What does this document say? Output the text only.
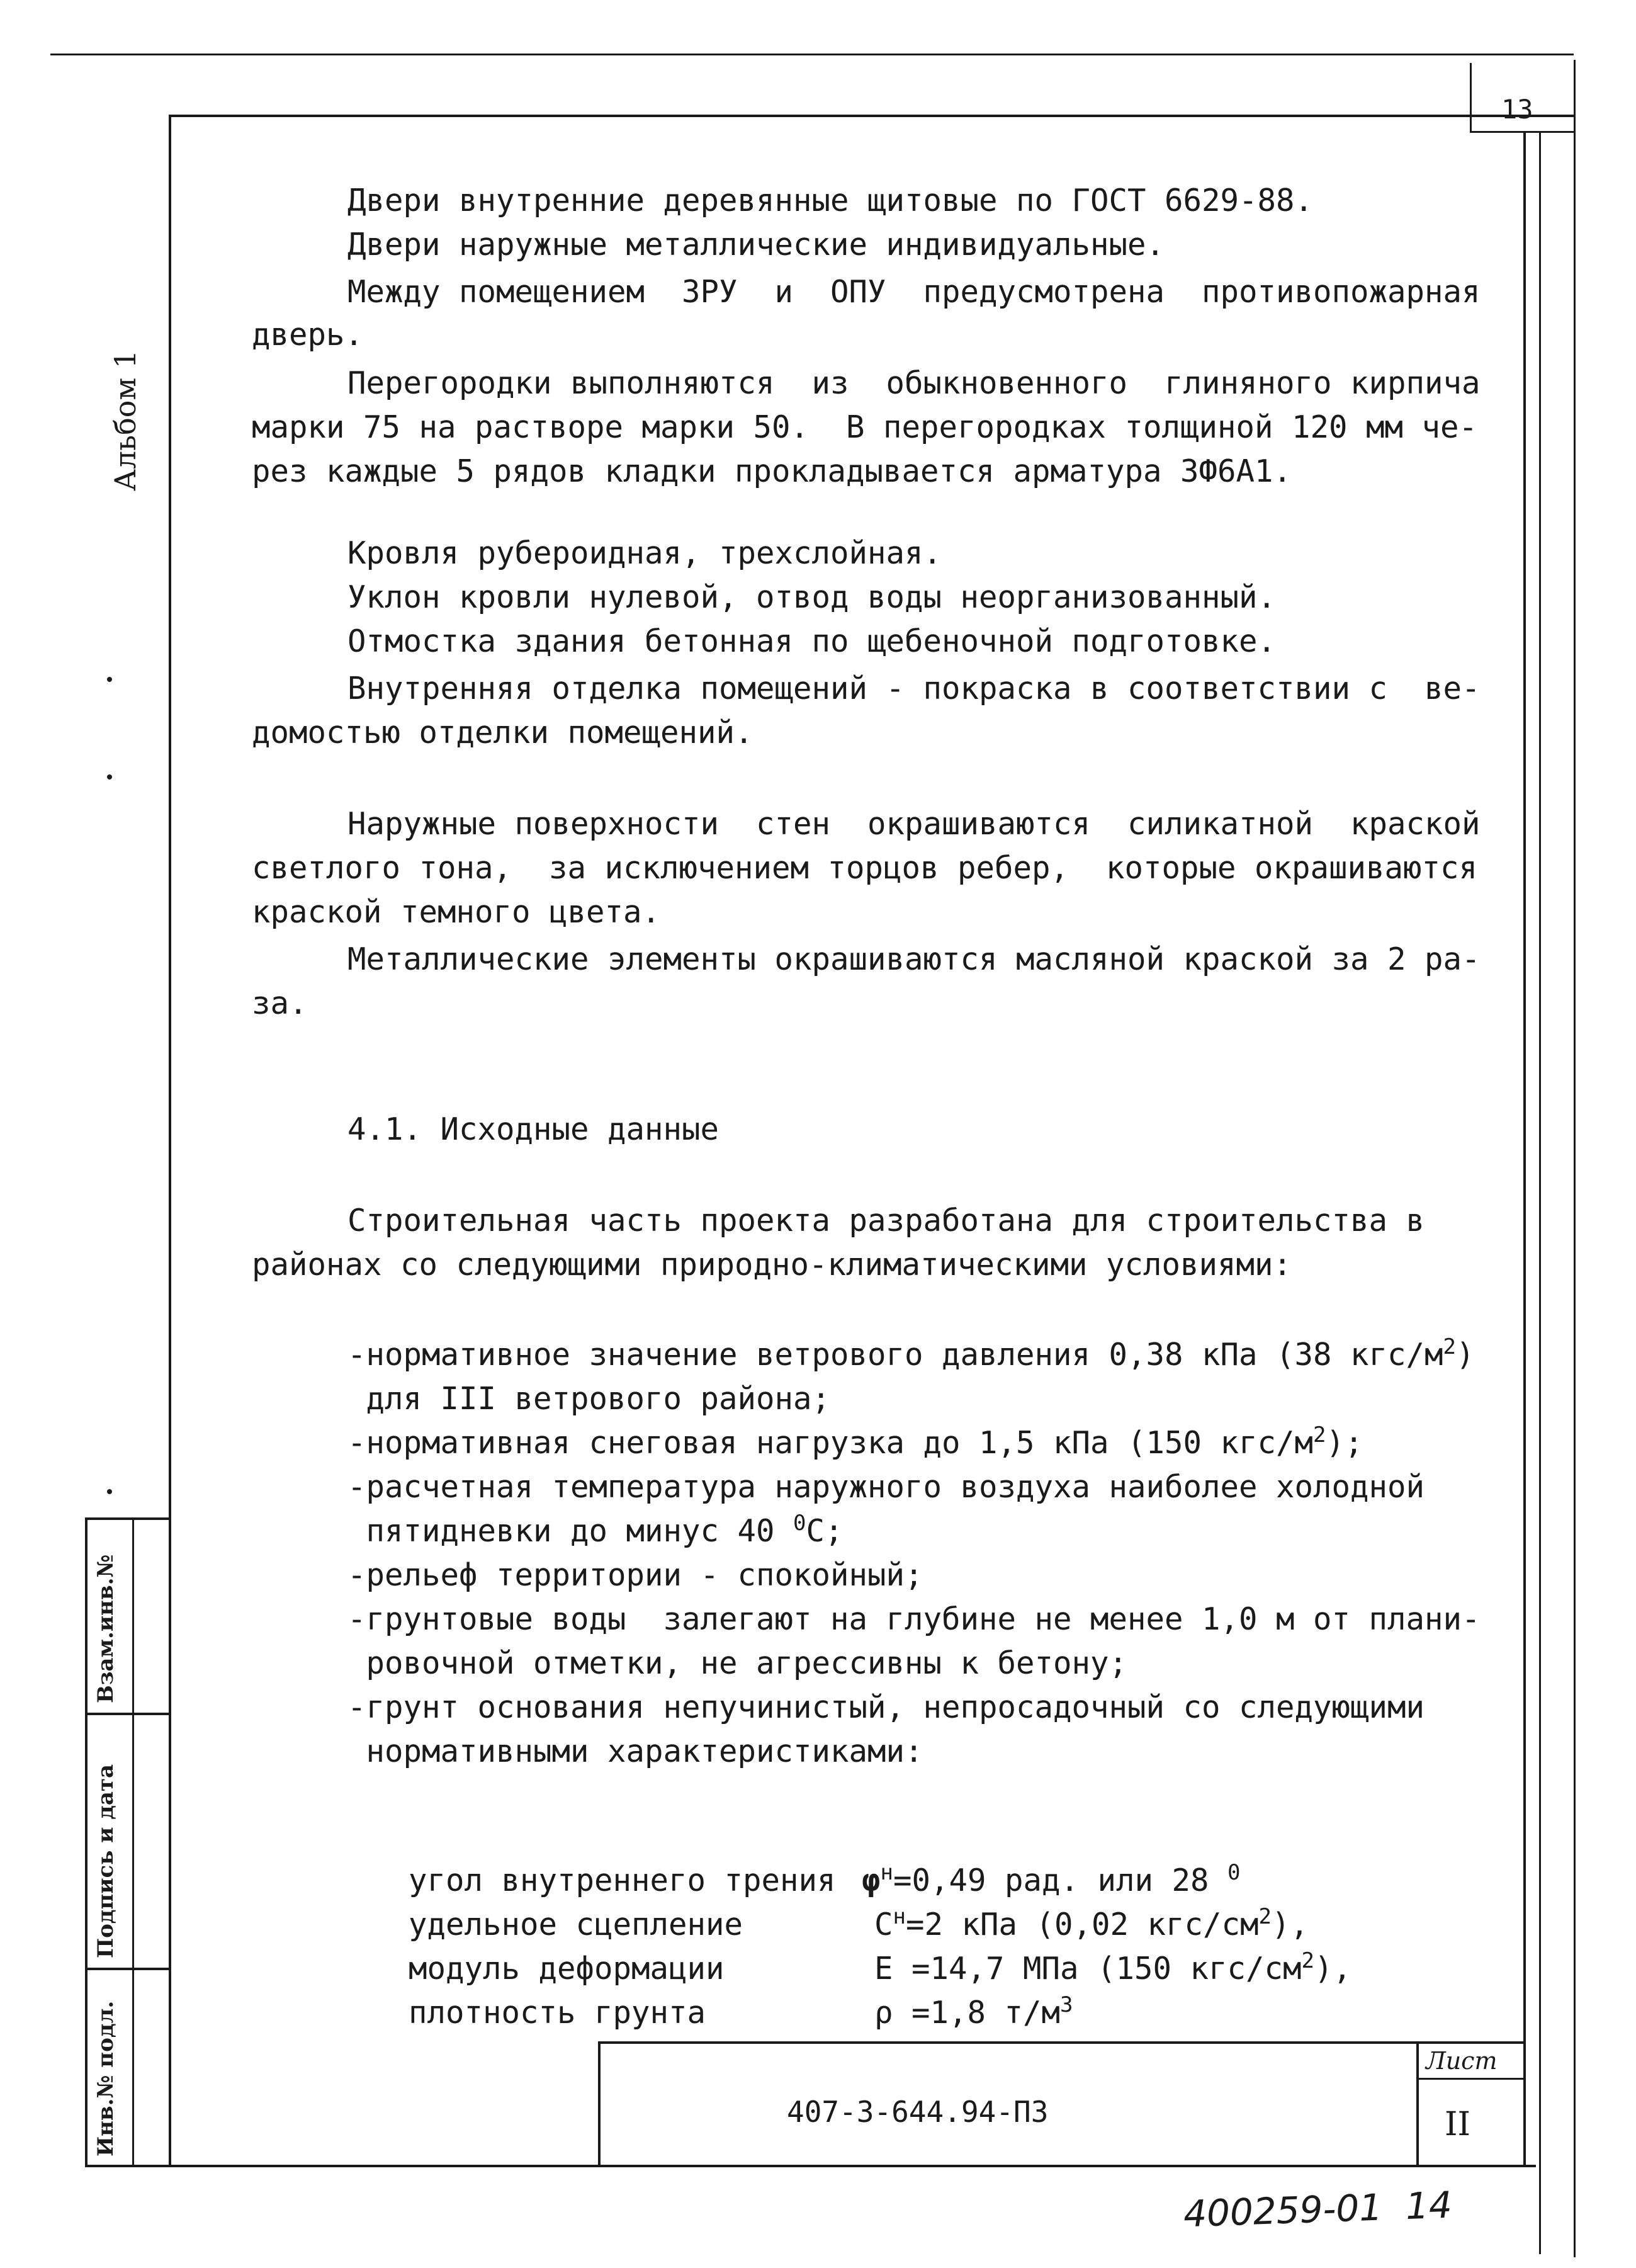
13
Альбом 1
Двери внутренние деревянные щитовые по ГОСТ 6629-88.
Двери наружные металлические индивидуальные.
Между помещением  ЗРУ  и  ОПУ  предусмотрена  противопожарная
дверь.
Перегородки выполняются  из  обыкновенного  глиняного кирпича
марки 75 на растворе марки 50.  В перегородках толщиной 120 мм че-
рез каждые 5 рядов кладки прокладывается арматура 3Ф6А1.
Кровля рубероидная, трехслойная.
Уклон кровли нулевой, отвод воды неорганизованный.
Отмостка здания бетонная по щебеночной подготовке.
Внутренняя отделка помещений - покраска в соответствии с  ве-
домостью отделки помещений.
Наружные поверхности  стен  окрашиваются  силикатной  краской
светлого тона,  за исключением торцов ребер,  которые окрашиваются
краской темного цвета.
Металлические элементы окрашиваются масляной краской за 2 ра-
за.
4.1. Исходные данные
Строительная часть проекта разработана для строительства в
районах со следующими природно-климатическими условиями:
-нормативное значение ветрового давления 0,38 кПа (38 кгс/$м^2$)
для III ветрового района;
-нормативная снеговая нагрузка до 1,5 кПа (150 кгс/$м^2$);
-расчетная температура наружного воздуха наиболее холодной
пятидневки до минус 40 $^0$С;
-рельеф территории - спокойный;
-грунтовые воды  залегают на глубине не менее 1,0 м от плани-
ровочной отметки, не агрессивны к бетону;
-грунт основания непучинистый, непросадочный со следующими
нормативными характеристиками:

угол внутреннего трения $\varphi^н=0,49$ рад. или 28 $^0$

удельное сцепление	$С^н=2$ кПа (0,02 кгс/$см^2$),

модуль деформации	Е =14,7 МПа (150 кгс/$см^2$),

плотность грунта	ρ =1,8 $т/м^3$

Лист
II
407-3-644.94-ПЗ
Взам.инв.№
Подпись и дата
Инв.№ подл.
400259-01  14
